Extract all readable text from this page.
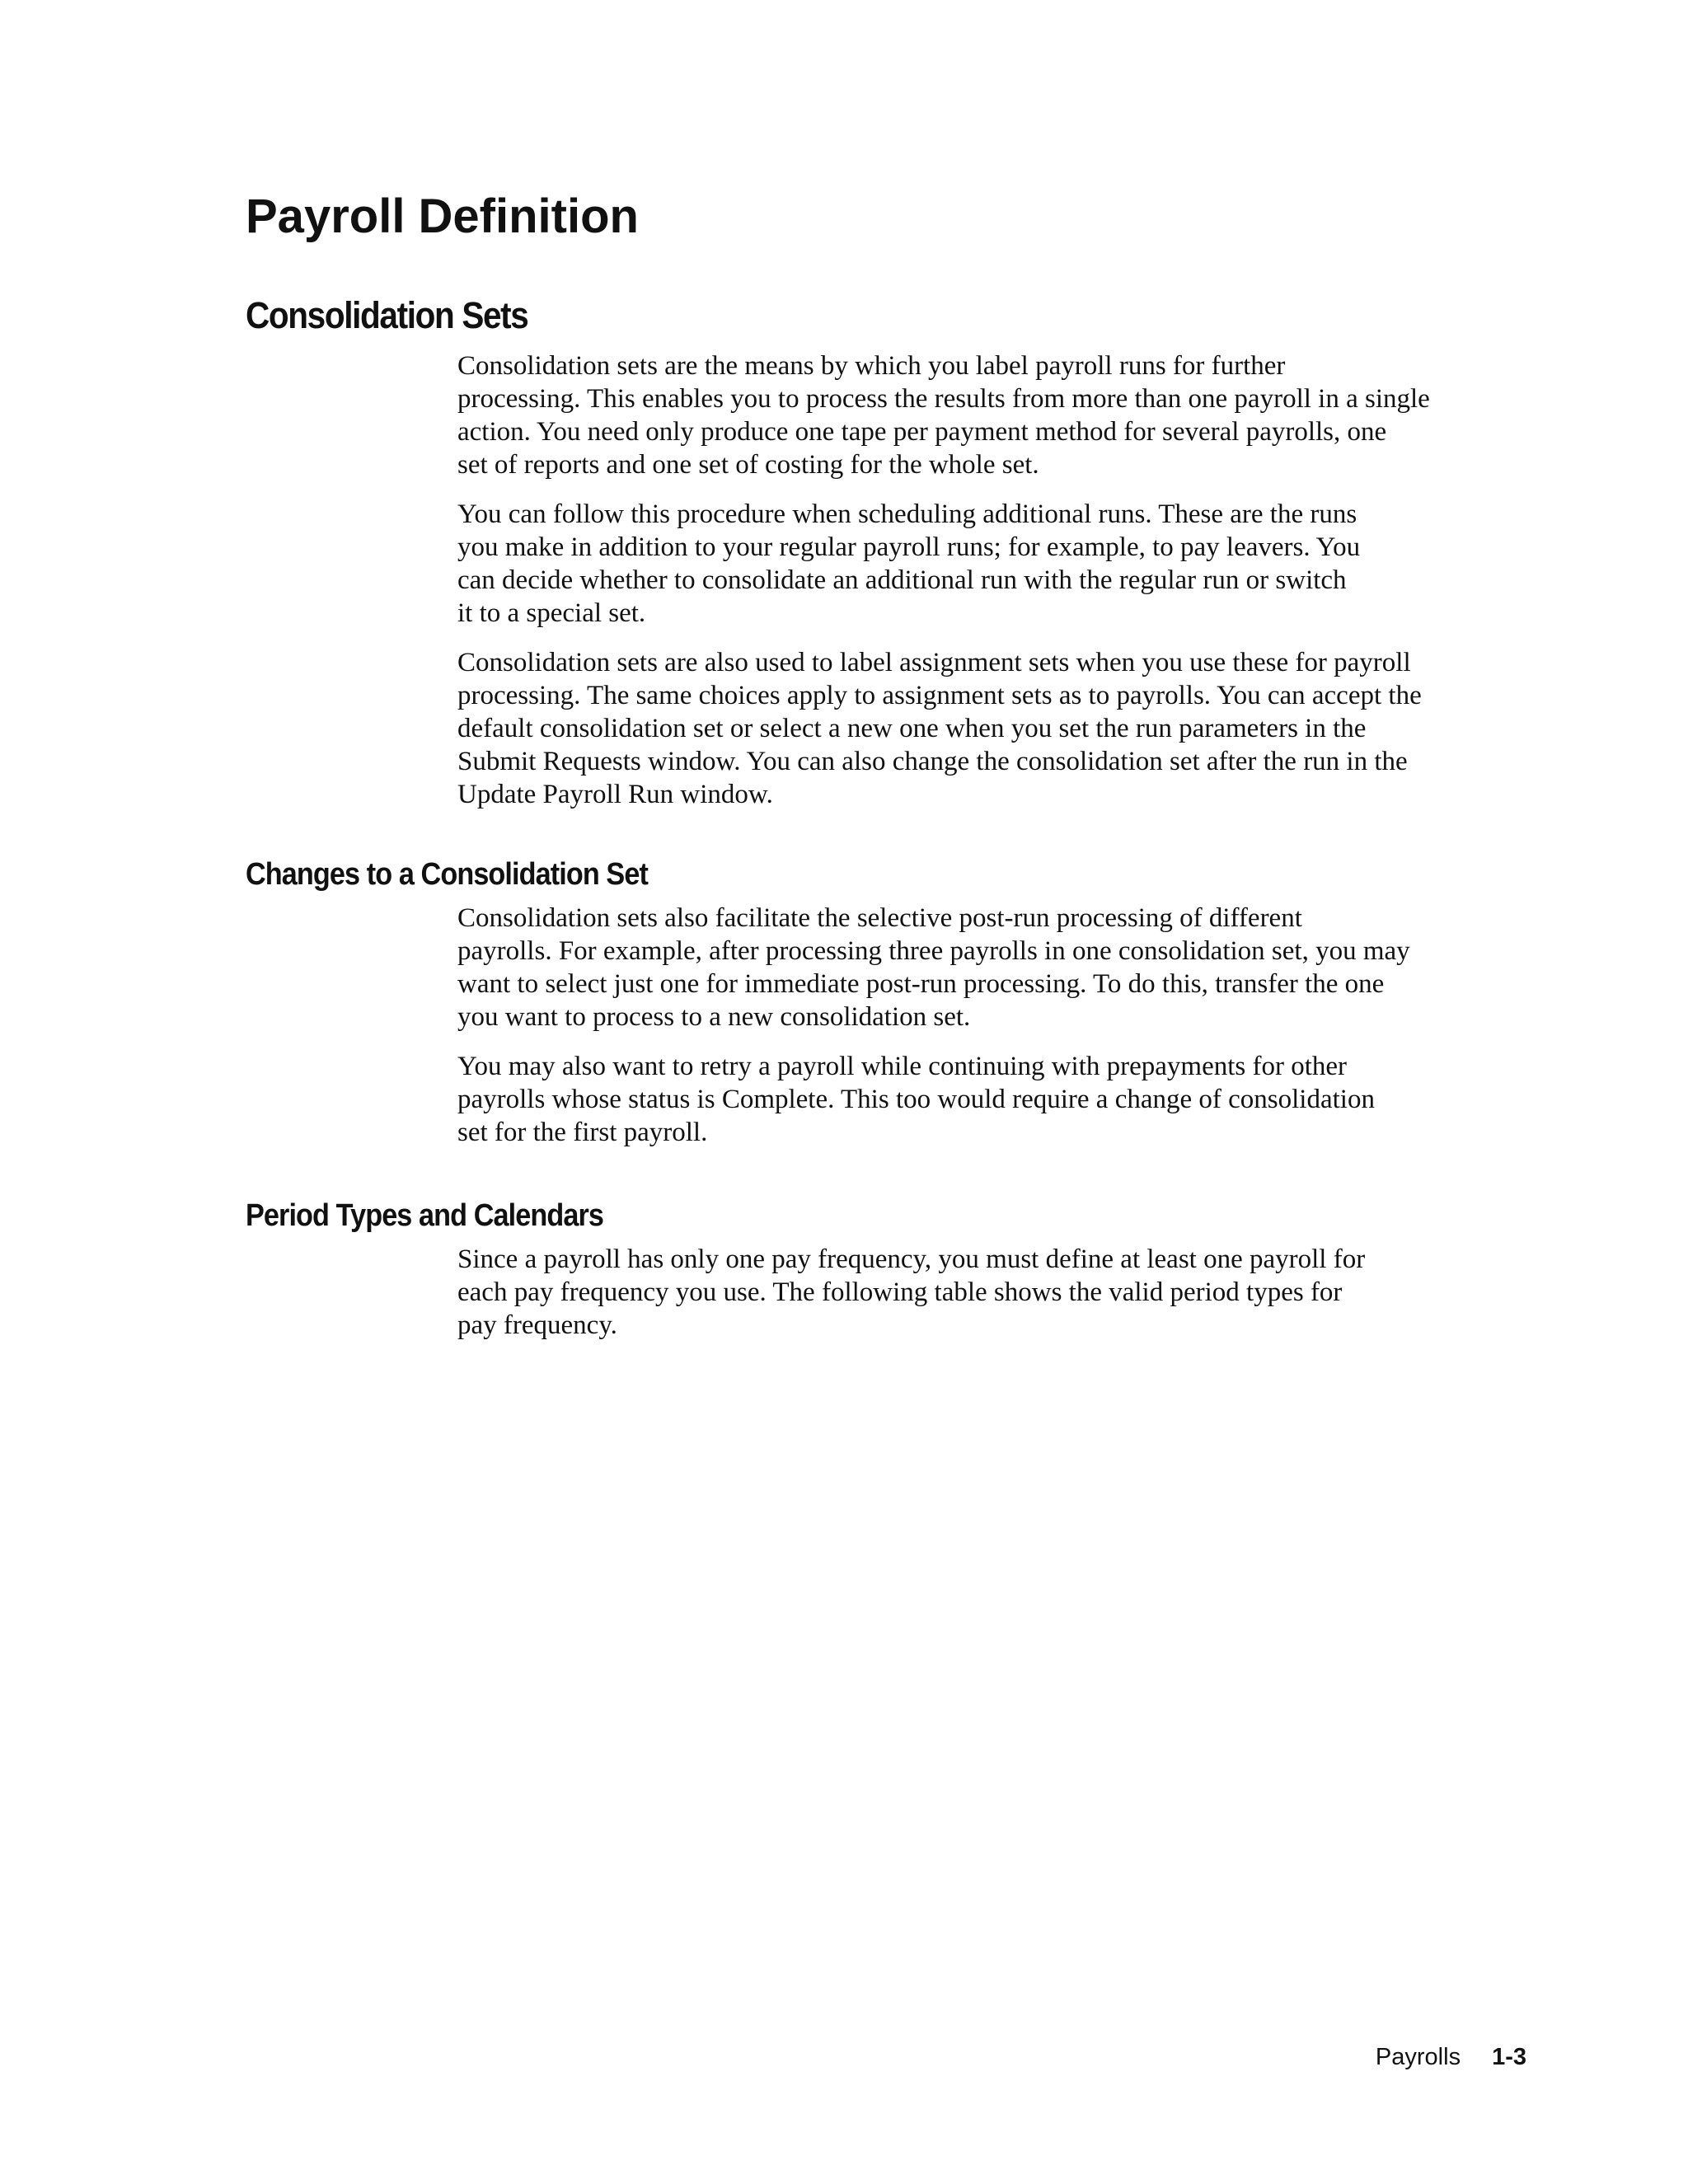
Payroll Definition
Consolidation Sets

Consolidation sets are the means by which you label payroll runs for further
processing. This enables you to process the results from more than one payroll in a single
action. You need only produce one tape per payment method for several payrolls, one
set of reports and one set of costing for the whole set.

You can follow this procedure when scheduling additional runs. These are the runs
you make in addition to your regular payroll runs; for example, to pay leavers. You
can decide whether to consolidate an additional run with the regular run or switch
it to a special set.

Consolidation sets are also used to label assignment sets when you use these for payroll
processing. The same choices apply to assignment sets as to payrolls. You can accept the
default consolidation set or select a new one when you set the run parameters in the
Submit Requests window. You can also change the consolidation set after the run in the
Update Payroll Run window.

Changes to a Consolidation Set

Consolidation sets also facilitate the selective post-run processing of different
payrolls. For example, after processing three payrolls in one consolidation set, you may
want to select just one for immediate post-run processing. To do this, transfer the one
you want to process to a new consolidation set.

You may also want to retry a payroll while continuing with prepayments for other
payrolls whose status is Complete. This too would require a change of consolidation
set for the first payroll.

Period Types and Calendars

Since a payroll has only one pay frequency, you must define at least one payroll for
each pay frequency you use. The following table shows the valid period types for
pay frequency.

Payrolls 1-3
